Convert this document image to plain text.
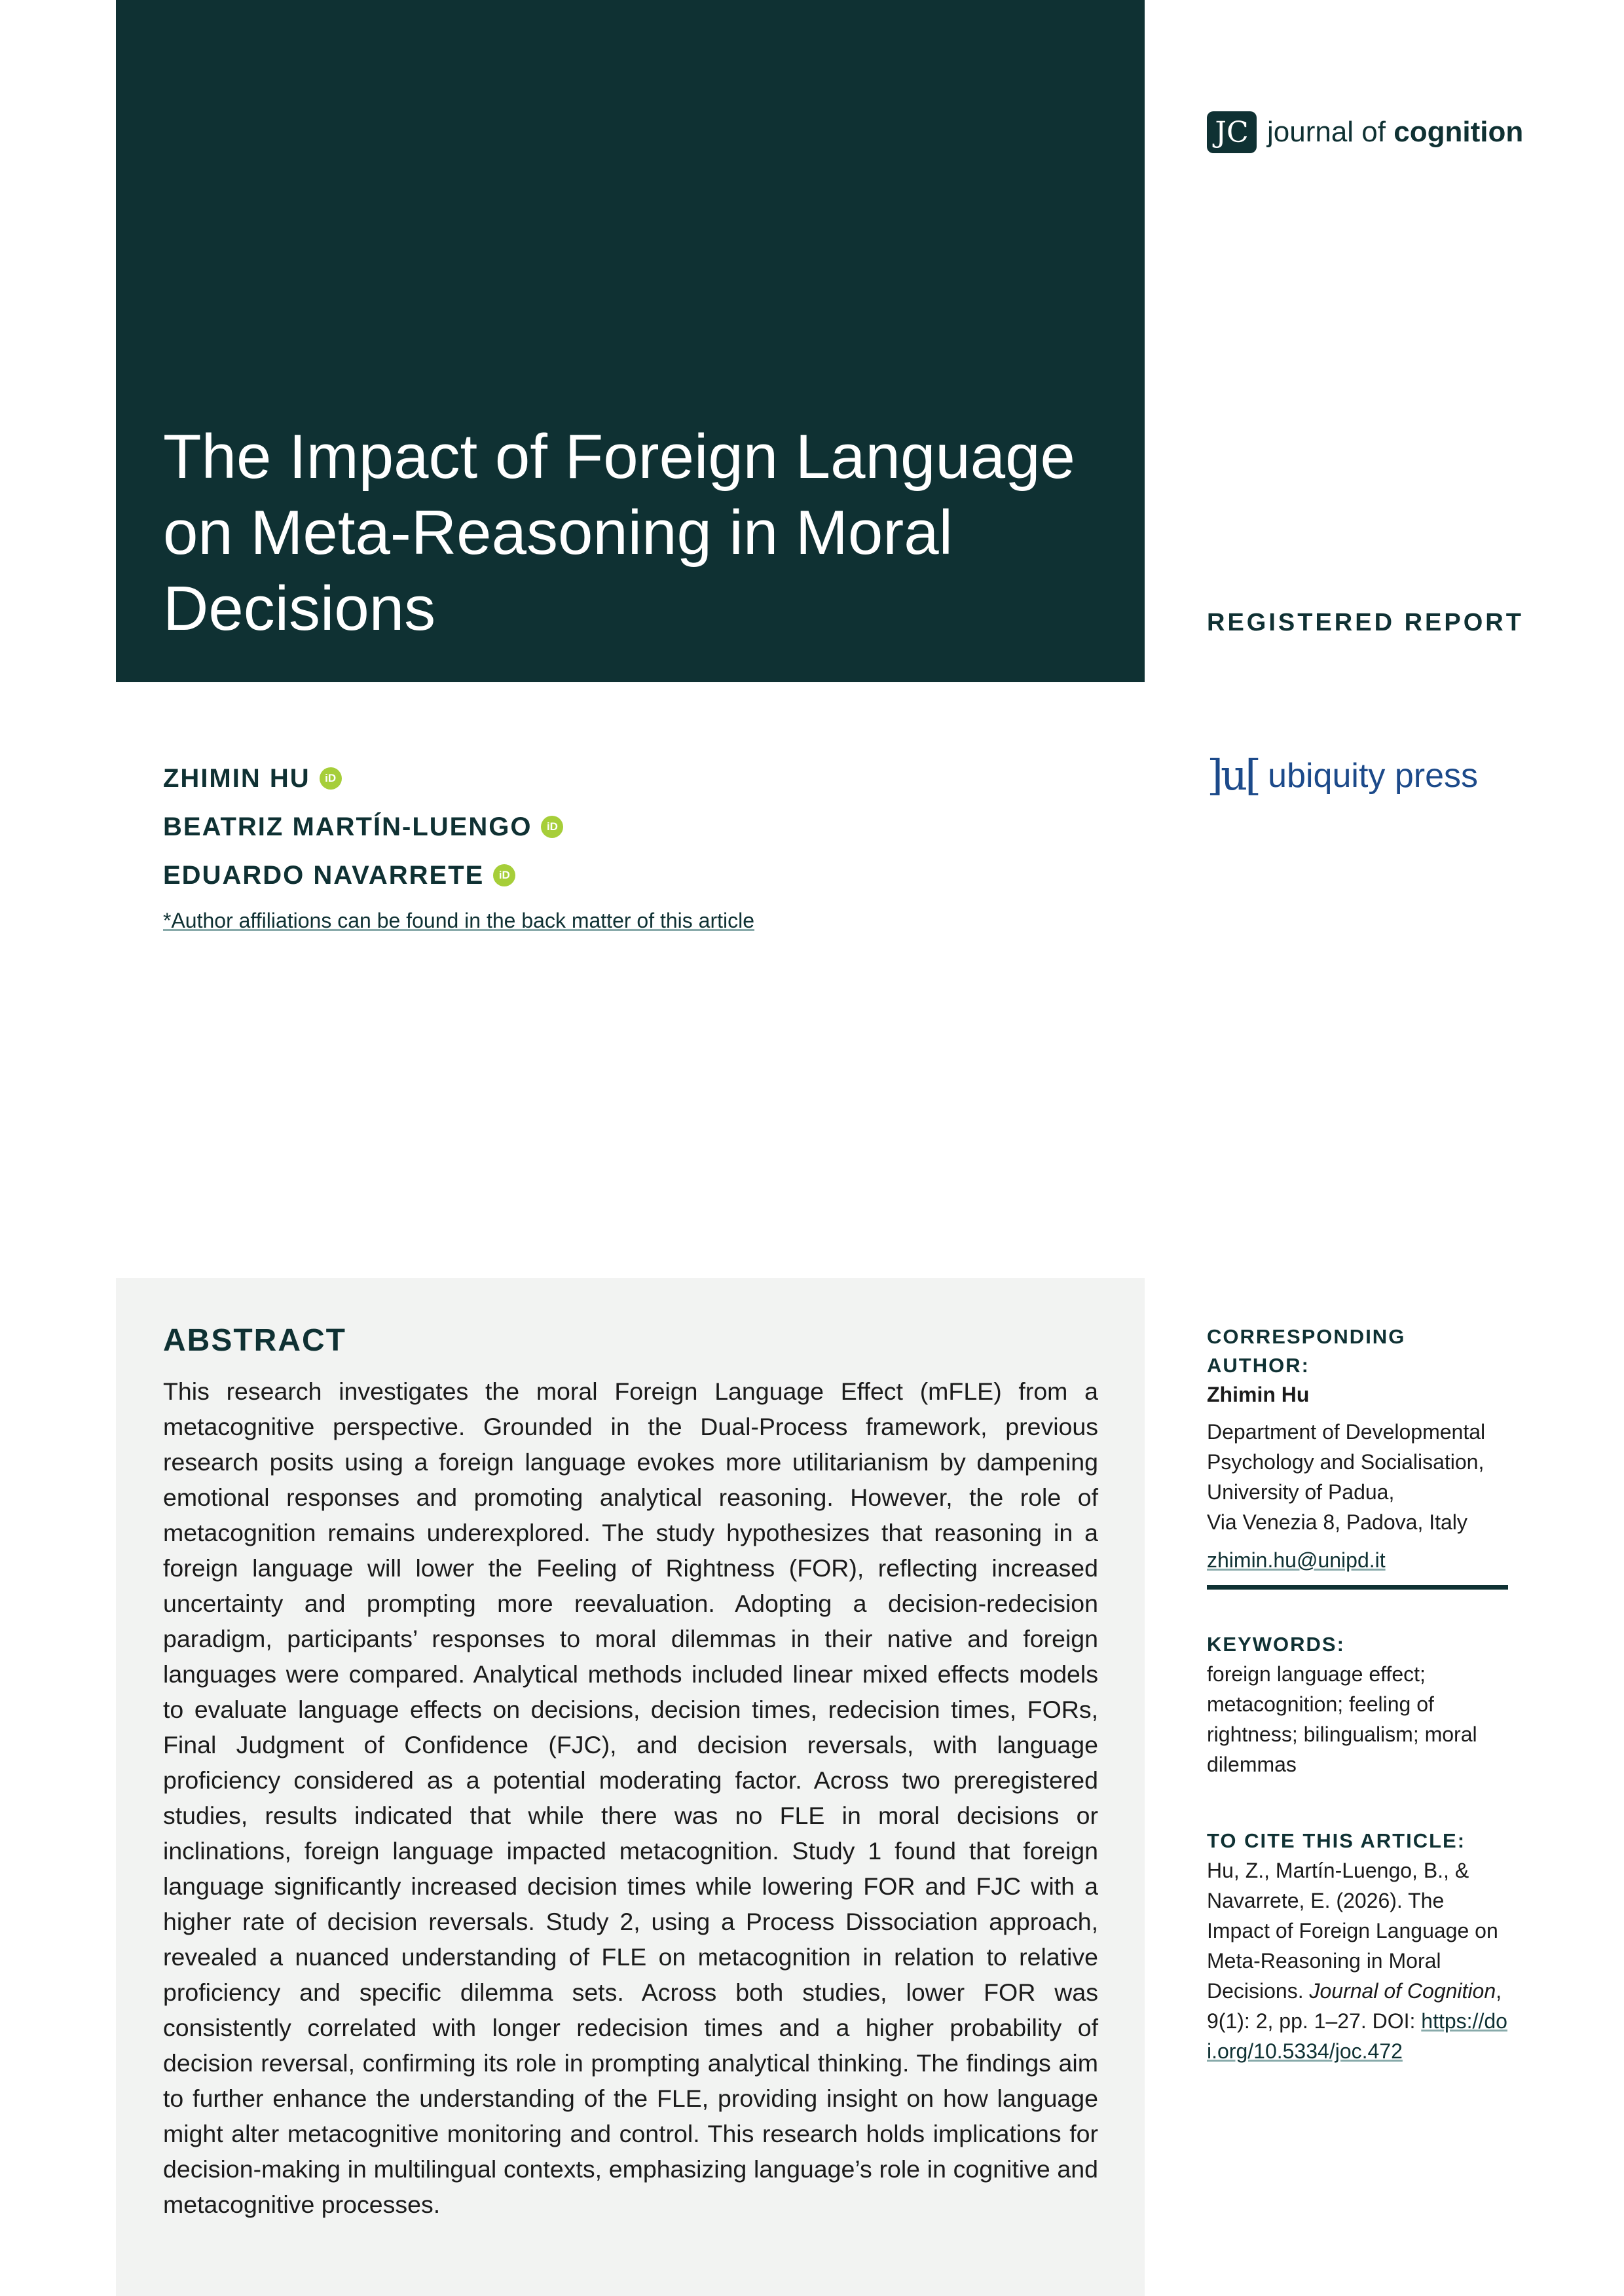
The Impact of Foreign Language on Meta-Reasoning in Moral Decisions
JC journal of cognition
REGISTERED REPORT
]u[ ubiquity press
ZHIMIN HU	iD
BEATRIZ MARTÍN-LUENGO	iD
EDUARDO NAVARRETE	iD
*Author affiliations can be found in the back matter of this article
ABSTRACT

This research investigates the moral Foreign Language Effect (mFLE) from a metacognitive perspective. Grounded in the Dual-Process framework, previous research posits using a foreign language evokes more utilitarianism by dampening emotional responses and promoting analytical reasoning. However, the role of metacognition remains underexplored. The study hypothesizes that reasoning in a foreign language will lower the Feeling of Rightness (FOR), reflecting increased uncertainty and prompting more reevaluation. Adopting a decision-redecision paradigm, participants’ responses to moral dilemmas in their native and foreign languages were compared. Analytical methods included linear mixed effects models to evaluate language effects on decisions, decision times, redecision times, FORs, Final Judgment of Confidence (FJC), and decision reversals, with language proficiency considered as a potential moderating factor. Across two preregistered studies, results indicated that while there was no FLE in moral decisions or inclinations, foreign language impacted metacognition. Study 1 found that foreign language significantly increased decision times while lowering FOR and FJC with a higher rate of decision reversals. Study 2, using a Process Dissociation approach, revealed a nuanced understanding of FLE on metacognition in relation to relative proficiency and specific dilemma sets. Across both studies, lower FOR was consistently correlated with longer redecision times and a higher probability of decision reversal, confirming its role in prompting analytical thinking. The findings aim to further enhance the understanding of the FLE, providing insight on how language might alter metacognitive monitoring and control. This research holds implications for decision-making in multilingual contexts, emphasizing language’s role in cognitive and metacognitive processes.

CORRESPONDING AUTHOR:
Zhimin Hu
Department of Developmental
Psychology and Socialisation,
University of Padua,
Via Venezia 8, Padova, Italy
zhimin.hu@unipd.it
KEYWORDS:
foreign language effect; metacognition; feeling of rightness; bilingualism; moral dilemmas
TO CITE THIS ARTICLE:
Hu, Z., Martín-Luengo, B., & Navarrete, E. (2026). The Impact of Foreign Language on Meta-Reasoning in Moral Decisions. Journal of Cognition, 9(1): 2, pp. 1–27. DOI: https://doi.org/10.5334/joc.472
